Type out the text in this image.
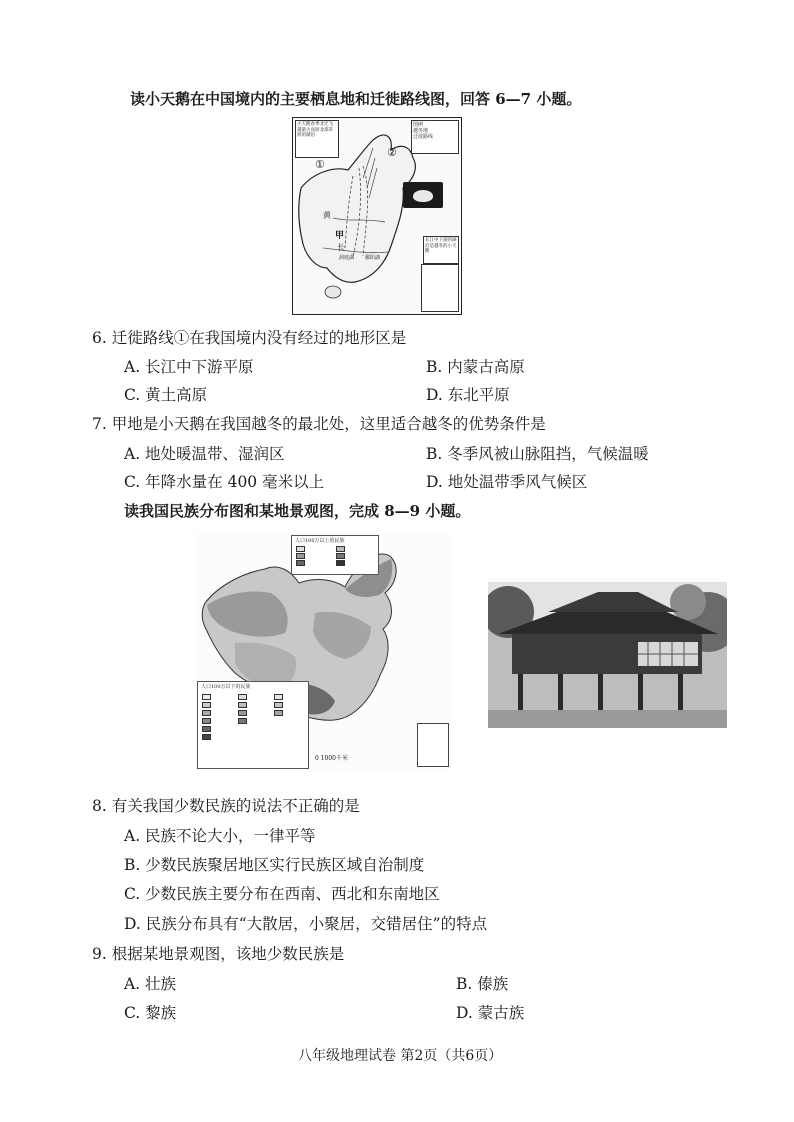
读小天鹅在中国境内的主要栖息地和迁徙路线图，回答 6—7 小题。
小天鹅春季北迁飞越蒙古高原北部草原的湖泊
图例
越冬地
迁徙路线
①
②
黄
甲
长
洞庭湖 鄱阳湖
长江中下游的湖泊是越冬的小天鹅
6. 迁徙路线①在我国境内没有经过的地形区是
A. 长江中下游平原	B. 内蒙古高原
C. 黄土高原	D. 东北平原
7. 甲地是小天鹅在我国越冬的最北处，这里适合越冬的优势条件是
A. 地处暖温带、湿润区	B. 冬季风被山脉阻挡，气候温暖
C. 年降水量在 400 毫米以上	D. 地处温带季风气候区
读我国民族分布图和某地景观图，完成 8—9 小题。
人口100万以上的民族
人口100万以下的民族
0 1000千米
8. 有关我国少数民族的说法不正确的是
A. 民族不论大小，一律平等
B. 少数民族聚居地区实行民族区域自治制度
C. 少数民族主要分布在西南、西北和东南地区
D. 民族分布具有“大散居，小聚居，交错居住”的特点
9. 根据某地景观图，该地少数民族是
A. 壮族	B. 傣族
C. 黎族	D. 蒙古族
八年级地理试卷 第2页（共6页）
